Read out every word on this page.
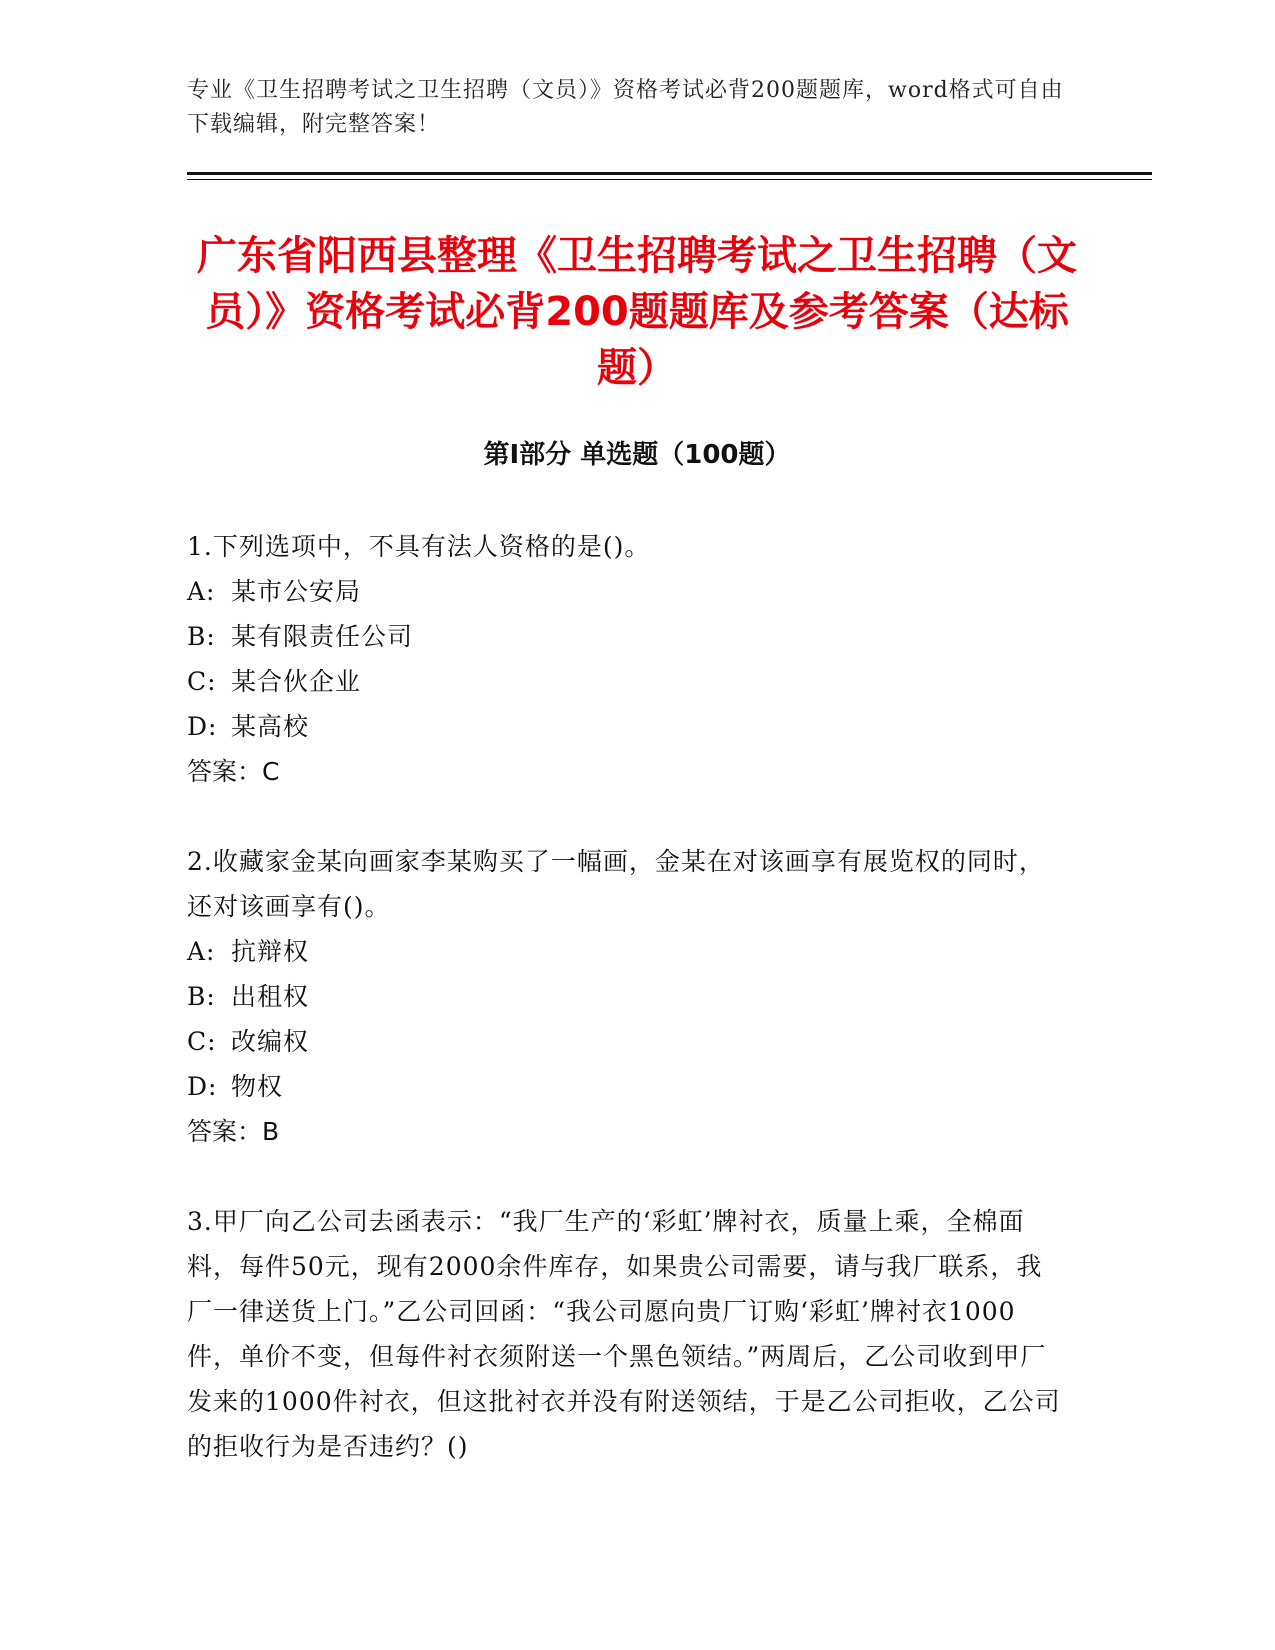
专业《卫生招聘考试之卫生招聘（文员）》资格考试必背200题题库，word格式可自由下载编辑，附完整答案！
广东省阳西县整理《卫生招聘考试之卫生招聘（文员）》资格考试必背200题题库及参考答案（达标题）
第Ⅰ部分 单选题（100题）

1.下列选项中，不具有法人资格的是()。

A: 某市公安局

B: 某有限责任公司

C: 某合伙企业

D: 某高校

答案：C

2.收藏家金某向画家李某购买了一幅画，金某在对该画享有展览权的同时，还对该画享有()。

A: 抗辩权

B: 出租权

C: 改编权

D: 物权

答案：B

3.甲厂向乙公司去函表示：“我厂生产的‘彩虹’牌衬衣，质量上乘，全棉面料，每件50元，现有2000余件库存，如果贵公司需要，请与我厂联系，我厂一律送货上门。”乙公司回函：“我公司愿向贵厂订购‘彩虹’牌衬衣1000件，单价不变，但每件衬衣须附送一个黑色领结。”两周后，乙公司收到甲厂发来的1000件衬衣，但这批衬衣并没有附送领结，于是乙公司拒收，乙公司的拒收行为是否违约？()
